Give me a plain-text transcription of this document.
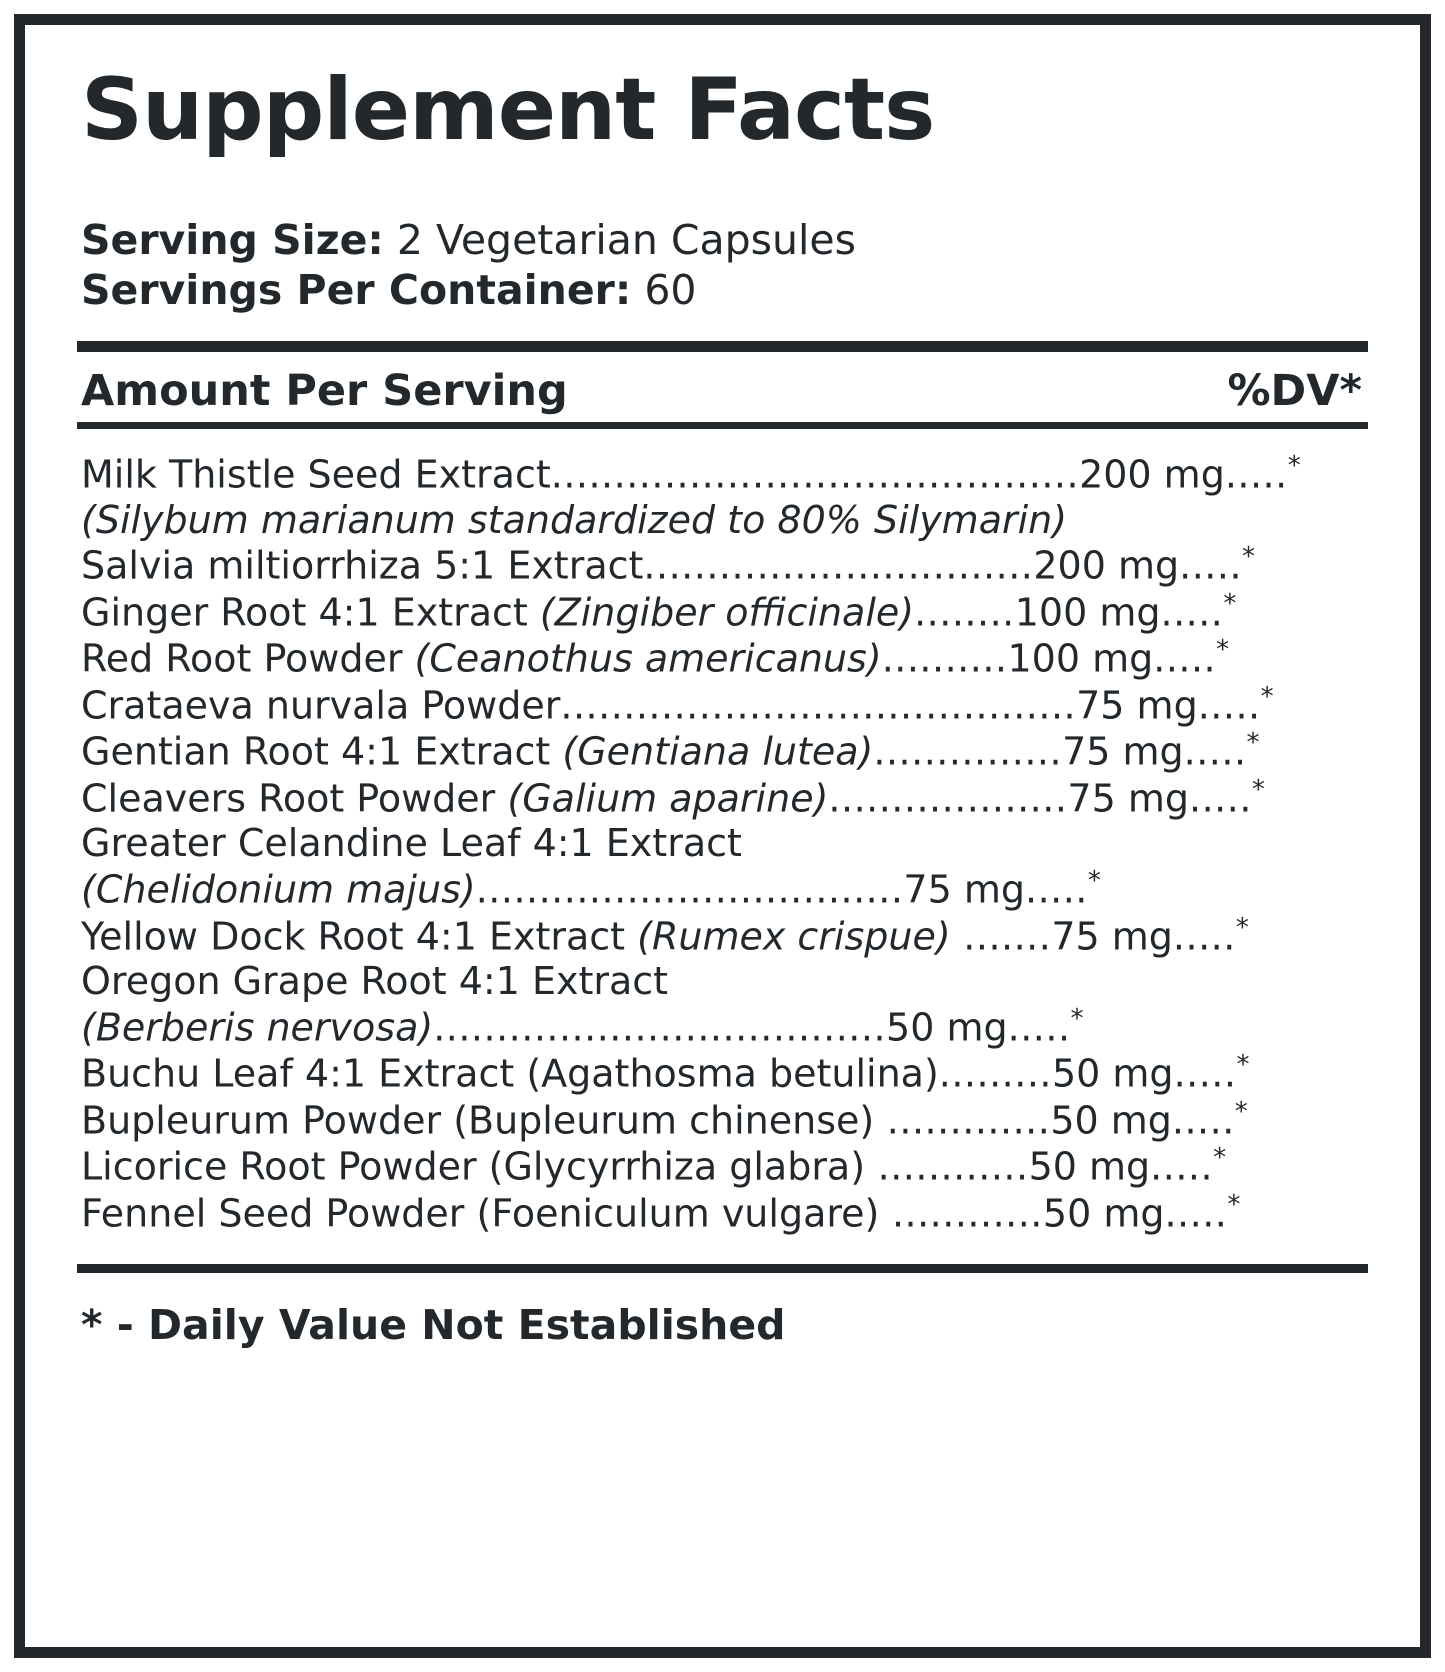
Supplement Facts
Serving Size: 2 Vegetarian Capsules
Servings Per Container: 60
Amount Per Serving	%DV*
Milk Thistle Seed Extract..........................................200 mg.....*
(Silybum marianum standardized to 80% Silymarin)
Salvia miltiorrhiza 5:1 Extract...............................200 mg.....*
Ginger Root 4:1 Extract (Zingiber officinale)........100 mg.....*
Red Root Powder (Ceanothus americanus)..........100 mg.....*
Crataeva nurvala Powder.........................................75 mg.....*
Gentian Root 4:1 Extract (Gentiana lutea)...............75 mg.....*
Cleavers Root Powder (Galium aparine)...................75 mg.....*
Greater Celandine Leaf 4:1 Extract
(Chelidonium majus)..................................75 mg.....*
Yellow Dock Root 4:1 Extract (Rumex crispue) .......75 mg.....*
Oregon Grape Root 4:1 Extract
(Berberis nervosa)....................................50 mg.....*
Buchu Leaf 4:1 Extract (Agathosma betulina).........50 mg.....*
Bupleurum Powder (Bupleurum chinense) .............50 mg.....*
Licorice Root Powder (Glycyrrhiza glabra) ............50 mg.....*
Fennel Seed Powder (Foeniculum vulgare) ............50 mg.....*
* - Daily Value Not Established
